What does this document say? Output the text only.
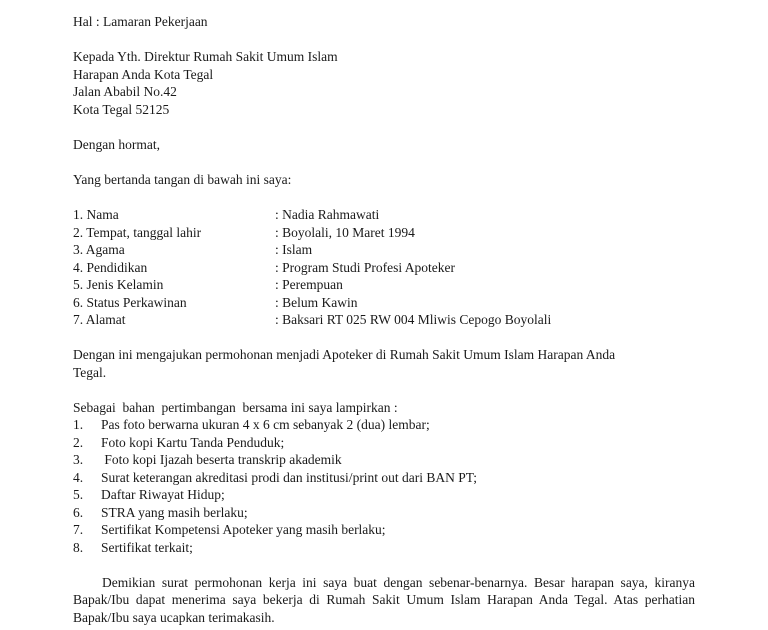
Hal : Lamaran Pekerjaan
Kepada Yth. Direktur Rumah Sakit Umum Islam
Harapan Anda Kota Tegal
Jalan Ababil No.42
Kota Tegal 52125
Dengan hormat,
Yang bertanda tangan di bawah ini saya:
1. Nama	: Nadia Rahmawati
2. Tempat, tanggal lahir	: Boyolali, 10 Maret 1994
3. Agama	: Islam
4. Pendidikan	: Program Studi Profesi Apoteker
5. Jenis Kelamin	: Perempuan
6. Status Perkawinan	: Belum Kawin
7. Alamat	: Baksari RT 025 RW 004 Mliwis Cepogo Boyolali
Dengan ini mengajukan permohonan menjadi Apoteker di Rumah Sakit Umum Islam Harapan Anda
Tegal.
Sebagai  bahan  pertimbangan  bersama ini saya lampirkan :
1. Pas foto berwarna ukuran 4 x 6 cm sebanyak 2 (dua) lembar;
2. Foto kopi Kartu Tanda Penduduk;
3. Foto kopi Ijazah beserta transkrip akademik
4. Surat keterangan akreditasi prodi dan institusi/print out dari BAN PT;
5. Daftar Riwayat Hidup;
6. STRA yang masih berlaku;
7. Sertifikat Kompetensi Apoteker yang masih berlaku;
8. Sertifikat terkait;
Demikian surat permohonan kerja ini saya buat dengan sebenar-benarnya. Besar harapan saya, kiranya Bapak/Ibu dapat menerima saya bekerja di Rumah Sakit Umum Islam Harapan Anda Tegal. Atas perhatian Bapak/Ibu saya ucapkan terimakasih.
